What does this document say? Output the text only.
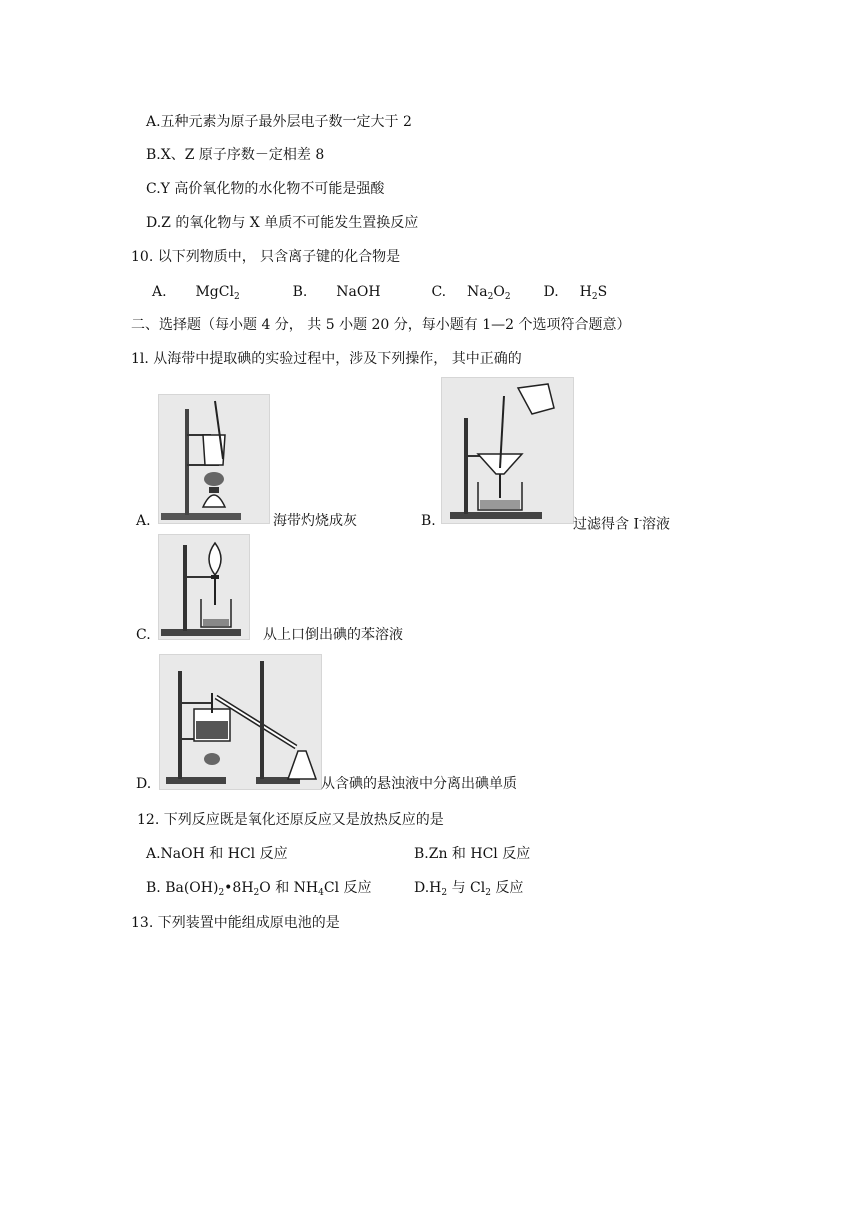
A.五种元素为原子最外层电子数一定大于 2
B.X、Z 原子序数－定相差 8
C.Y 高价氧化物的水化物不可能是强酸
D.Z 的氧化物与 X 单质不可能发生置换反应
10. 以下列物质中， 只含离子键的化合物是
A. MgCl$_2$	B. NaOH	C. $Na_2O_2$ D. $H_2S$
二、选择题（每小题 4 分， 共 5 小题 20 分，每小题有 1—2 个选项符合题意）
1l. 从海带中提取碘的实验过程中，涉及下列操作， 其中正确的
A.	海带灼烧成灰	B.	过滤得含 I-溶液
C.	从上口倒出碘的苯溶液
D.	从含碘的悬浊液中分离出碘单质
12. 下列反应既是氧化还原反应又是放热反应的是
A.NaOH 和 HCl 反应	B.Zn 和 HCl 反应
B. $Ba(OH)_2•8H_2O$ 和 $NH_4Cl$ 反应	$D.H_2$ 与 $Cl_2$ 反应
13. 下列装置中能组成原电池的是
